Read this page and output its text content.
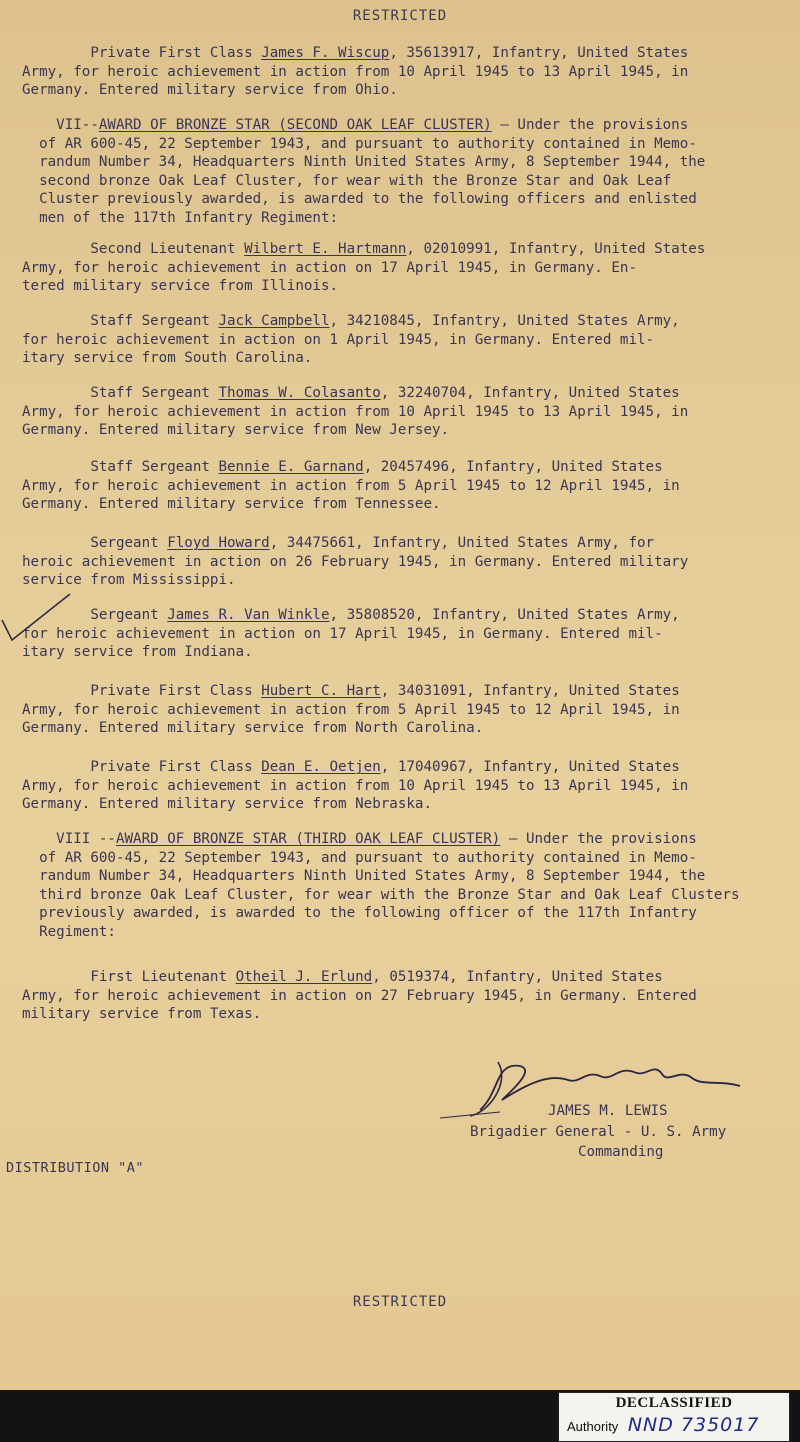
RESTRICTED
Private First Class James F. Wiscup, 35613917, Infantry, United States
Army, for heroic achievement in action from 10 April 1945 to 13 April 1945, in
Germany. Entered military service from Ohio.
VII--AWARD OF BRONZE STAR (SECOND OAK LEAF CLUSTER) — Under the provisions
of AR 600-45, 22 September 1943, and pursuant to authority contained in Memo-
randum Number 34, Headquarters Ninth United States Army, 8 September 1944, the
second bronze Oak Leaf Cluster, for wear with the Bronze Star and Oak Leaf
Cluster previously awarded, is awarded to the following officers and enlisted
men of the 117th Infantry Regiment:
Second Lieutenant Wilbert E. Hartmann, 02010991, Infantry, United States
Army, for heroic achievement in action on 17 April 1945, in Germany. En-
tered military service from Illinois.
Staff Sergeant Jack Campbell, 34210845, Infantry, United States Army,
for heroic achievement in action on 1 April 1945, in Germany. Entered mil-
itary service from South Carolina.
Staff Sergeant Thomas W. Colasanto, 32240704, Infantry, United States
Army, for heroic achievement in action from 10 April 1945 to 13 April 1945, in
Germany. Entered military service from New Jersey.
Staff Sergeant Bennie E. Garnand, 20457496, Infantry, United States
Army, for heroic achievement in action from 5 April 1945 to 12 April 1945, in
Germany. Entered military service from Tennessee.
Sergeant Floyd Howard, 34475661, Infantry, United States Army, for
heroic achievement in action on 26 February 1945, in Germany. Entered military
service from Mississippi.
Sergeant James R. Van Winkle, 35808520, Infantry, United States Army,
for heroic achievement in action on 17 April 1945, in Germany. Entered mil-
itary service from Indiana.
Private First Class Hubert C. Hart, 34031091, Infantry, United States
Army, for heroic achievement in action from 5 April 1945 to 12 April 1945, in
Germany. Entered military service from North Carolina.
Private First Class Dean E. Oetjen, 17040967, Infantry, United States
Army, for heroic achievement in action from 10 April 1945 to 13 April 1945, in
Germany. Entered military service from Nebraska.
VIII --AWARD OF BRONZE STAR (THIRD OAK LEAF CLUSTER) — Under the provisions
of AR 600-45, 22 September 1943, and pursuant to authority contained in Memo-
randum Number 34, Headquarters Ninth United States Army, 8 September 1944, the
third bronze Oak Leaf Cluster, for wear with the Bronze Star and Oak Leaf Clusters
previously awarded, is awarded to the following officer of the 117th Infantry
Regiment:
First Lieutenant Otheil J. Erlund, 0519374, Infantry, United States
Army, for heroic achievement in action on 27 February 1945, in Germany. Entered
military service from Texas.
JAMES M. LEWIS
Brigadier General - U. S. Army
Commanding
DISTRIBUTION "A"
RESTRICTED
DECLASSIFIED
Authority NND 735017
